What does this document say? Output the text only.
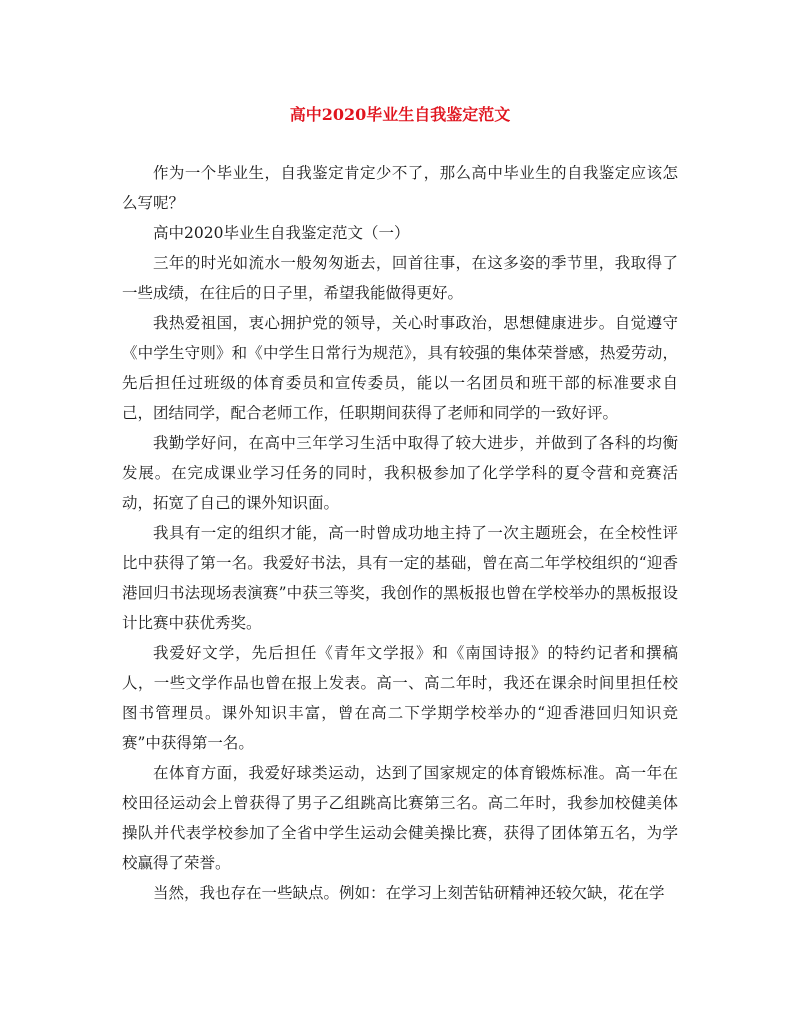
高中2020毕业生自我鉴定范文

作为一个毕业生，自我鉴定肯定少不了，那么高中毕业生的自我鉴定应该怎么写呢？

高中2020毕业生自我鉴定范文（一）

三年的时光如流水一般匆匆逝去，回首往事，在这多姿的季节里，我取得了一些成绩，在往后的日子里，希望我能做得更好。

我热爱祖国，衷心拥护党的领导，关心时事政治，思想健康进步。自觉遵守《中学生守则》和《中学生日常行为规范》，具有较强的集体荣誉感，热爱劳动，先后担任过班级的体育委员和宣传委员，能以一名团员和班干部的标准要求自己，团结同学，配合老师工作，任职期间获得了老师和同学的一致好评。

我勤学好问，在高中三年学习生活中取得了较大进步，并做到了各科的均衡发展。在完成课业学习任务的同时，我积极参加了化学学科的夏令营和竞赛活动，拓宽了自己的课外知识面。

我具有一定的组织才能，高一时曾成功地主持了一次主题班会，在全校性评比中获得了第一名。我爱好书法，具有一定的基础，曾在高二年学校组织的“迎香港回归书法现场表演赛”中获三等奖，我创作的黑板报也曾在学校举办的黑板报设计比赛中获优秀奖。

我爱好文学，先后担任《青年文学报》和《南国诗报》的特约记者和撰稿人，一些文学作品也曾在报上发表。高一、高二年时，我还在课余时间里担任校图书管理员。课外知识丰富，曾在高二下学期学校举办的“迎香港回归知识竞赛”中获得第一名。

在体育方面，我爱好球类运动，达到了国家规定的体育锻炼标准。高一年在校田径运动会上曾获得了男子乙组跳高比赛第三名。高二年时，我参加校健美体操队并代表学校参加了全省中学生运动会健美操比赛，获得了团体第五名，为学校赢得了荣誉。

当然，我也存在一些缺点。例如：在学习上刻苦钻研精神还较欠缺，花在学
